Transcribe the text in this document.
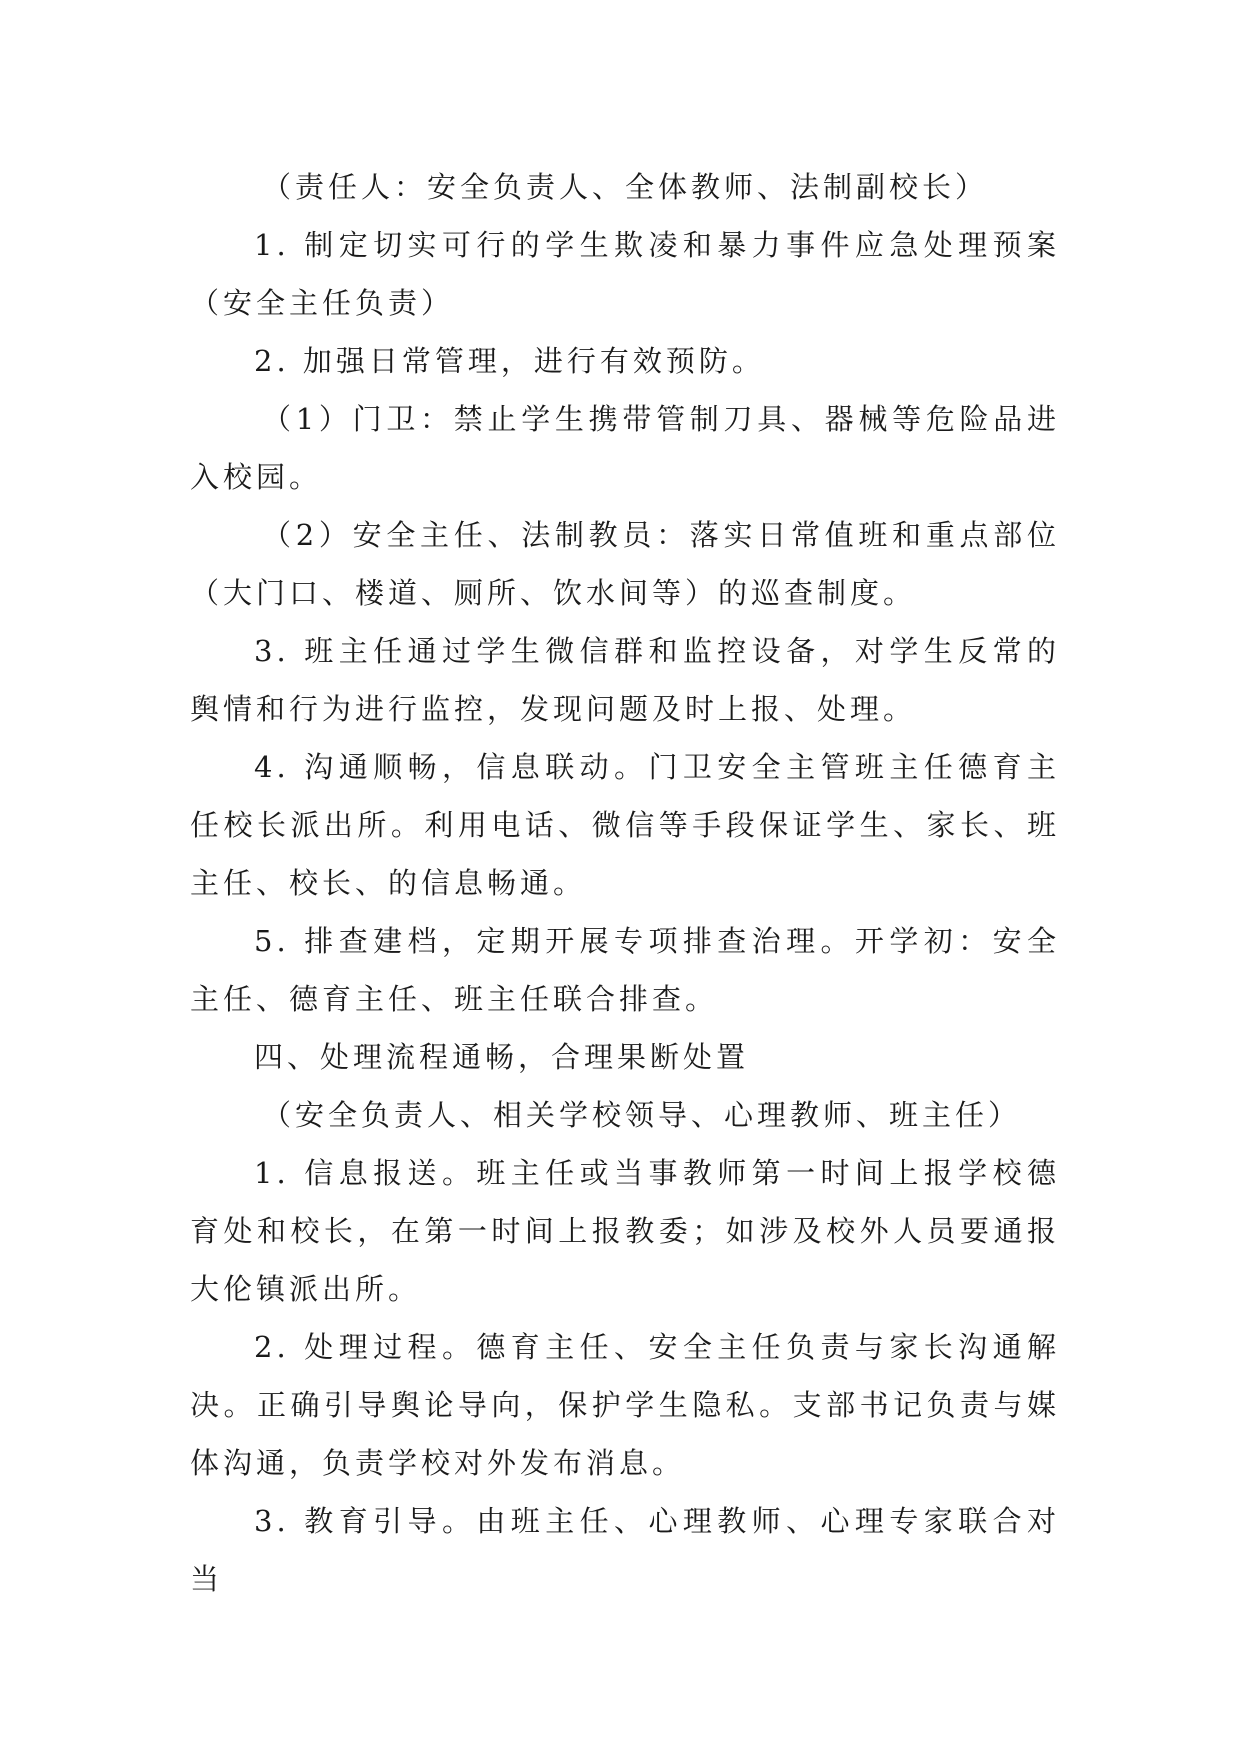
（责任人：安全负责人、全体教师、法制副校长）

1. 制定切实可行的学生欺凌和暴力事件应急处理预案（安全主任负责）

2. 加强日常管理，进行有效预防。

（1）门卫：禁止学生携带管制刀具、器械等危险品进入校园。

（2）安全主任、法制教员：落实日常值班和重点部位（大门口、楼道、厕所、饮水间等）的巡查制度。

3. 班主任通过学生微信群和监控设备，对学生反常的舆情和行为进行监控，发现问题及时上报、处理。

4. 沟通顺畅，信息联动。门卫安全主管班主任德育主任校长派出所。利用电话、微信等手段保证学生、家长、班主任、校长、的信息畅通。

5. 排查建档，定期开展专项排查治理。开学初：安全主任、德育主任、班主任联合排查。

四、处理流程通畅，合理果断处置

（安全负责人、相关学校领导、心理教师、班主任）

1. 信息报送。班主任或当事教师第一时间上报学校德育处和校长，在第一时间上报教委；如涉及校外人员要通报大伦镇派出所。

2. 处理过程。德育主任、安全主任负责与家长沟通解决。正确引导舆论导向，保护学生隐私。支部书记负责与媒体沟通，负责学校对外发布消息。

3. 教育引导。由班主任、心理教师、心理专家联合对当
